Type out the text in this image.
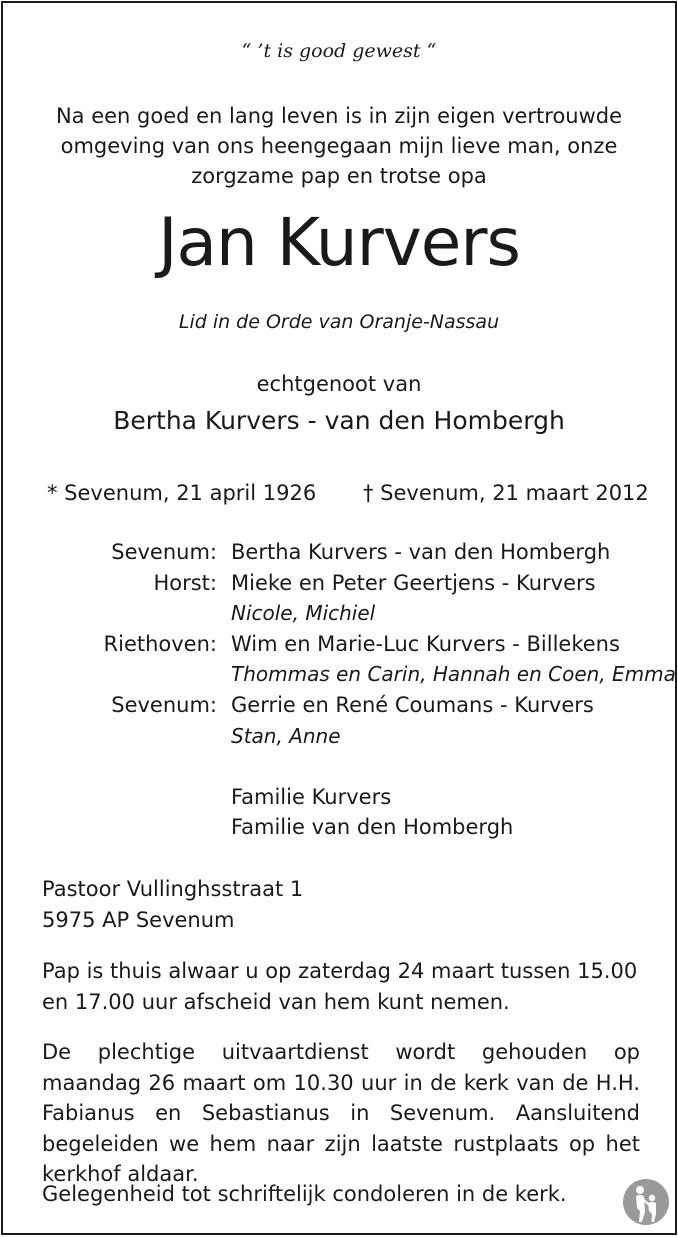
“ ’t is good gewest “
Na een goed en lang leven is in zijn eigen vertrouwde
omgeving van ons heengegaan mijn lieve man, onze
zorgzame pap en trotse opa
Jan Kurvers
Lid in de Orde van Oranje-Nassau
echtgenoot van
Bertha Kurvers - van den Hombergh
* Sevenum, 21 april 1926 † Sevenum, 21 maart 2012
Sevenum: Bertha Kurvers - van den Hombergh
Horst: Mieke en Peter Geertjens - Kurvers
Nicole, Michiel
Riethoven: Wim en Marie-Luc Kurvers - Billekens
Thommas en Carin, Hannah en Coen, Emma
Sevenum: Gerrie en René Coumans - Kurvers
Stan, Anne
Familie Kurvers
Familie van den Hombergh
Pastoor Vullinghsstraat 1
5975 AP Sevenum
Pap is thuis alwaar u op zaterdag 24 maart tussen 15.00 en 17.00 uur afscheid van hem kunt nemen.
De plechtige uitvaartdienst wordt gehouden op maandag 26 maart om 10.30 uur in de kerk van de H.H. Fabianus en Sebastianus in Sevenum. Aansluitend begeleiden we hem naar zijn laatste rustplaats op het kerkhof aldaar.
Gelegenheid tot schriftelijk condoleren in de kerk.
